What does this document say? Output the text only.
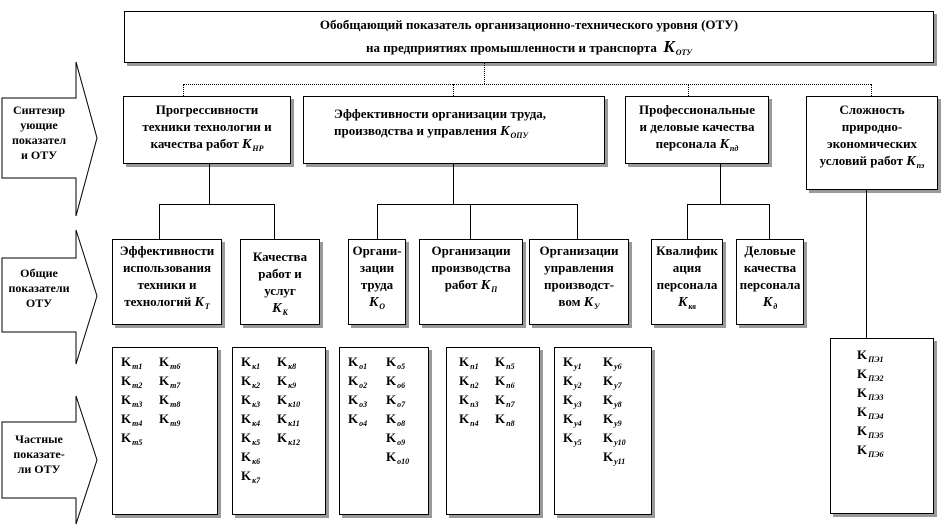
Обобщающий показатель организационно-технического уровня (ОТУ)
на предприятиях промышленности и транспорта $K_{ОТУ}$
Синтезир
ующие
показател
и ОТУ
Общие
показатели
ОТУ
Частные
показате-
ли ОТУ
Прогрессивности
техники технологии и
качества работ $K_{НР}$
Эффективности организации труда,
производства и управления $K_{ОПУ}$
Профессиональные
и деловые качества
персонала $K_{пд}$
Сложность
природно-
экономических
условий работ $K_{пэ}$
Эффективности
использования
техники и
технологий $K_Т$
Качества
работ и
услуг
$K_К$
Органи-
зации
труда
$K_О$
Организации
производства
работ $K_П$
Организации
управления
производст-
вом $K_У$
Квалифик
ация
персонала
$K_{кв}$
Деловые
качества
персонала
$K_д$
$K_{т1}$
$K_{т2}$
$K_{т3}$
$K_{т4}$
$K_{т5}$
$K_{т6}$
$K_{т7}$
$K_{т8}$
$K_{т9}$
$K_{к1}$
$K_{к2}$
$K_{к3}$
$K_{к4}$
$K_{к5}$
$K_{к6}$
$K_{к7}$
$K_{к8}$
$K_{к9}$
$K_{к10}$
$K_{к11}$
$K_{к12}$
$K_{о1}$
$K_{о2}$
$K_{о3}$
$K_{о4}$
$K_{о5}$
$K_{о6}$
$K_{о7}$
$K_{о8}$
$K_{о9}$
$K_{о10}$
$K_{п1}$
$K_{п2}$
$K_{п3}$
$K_{п4}$
$K_{п5}$
$K_{п6}$
$K_{п7}$
$K_{п8}$
$K_{у1}$
$K_{у2}$
$K_{у3}$
$K_{у4}$
$K_{у5}$
$K_{у6}$
$K_{у7}$
$K_{у8}$
$K_{у9}$
$K_{у10}$
$K_{у11}$
$K_{ПЭ1}$
$K_{ПЭ2}$
$K_{ПЭ3}$
$K_{ПЭ4}$
$K_{ПЭ5}$
$K_{ПЭ6}$
